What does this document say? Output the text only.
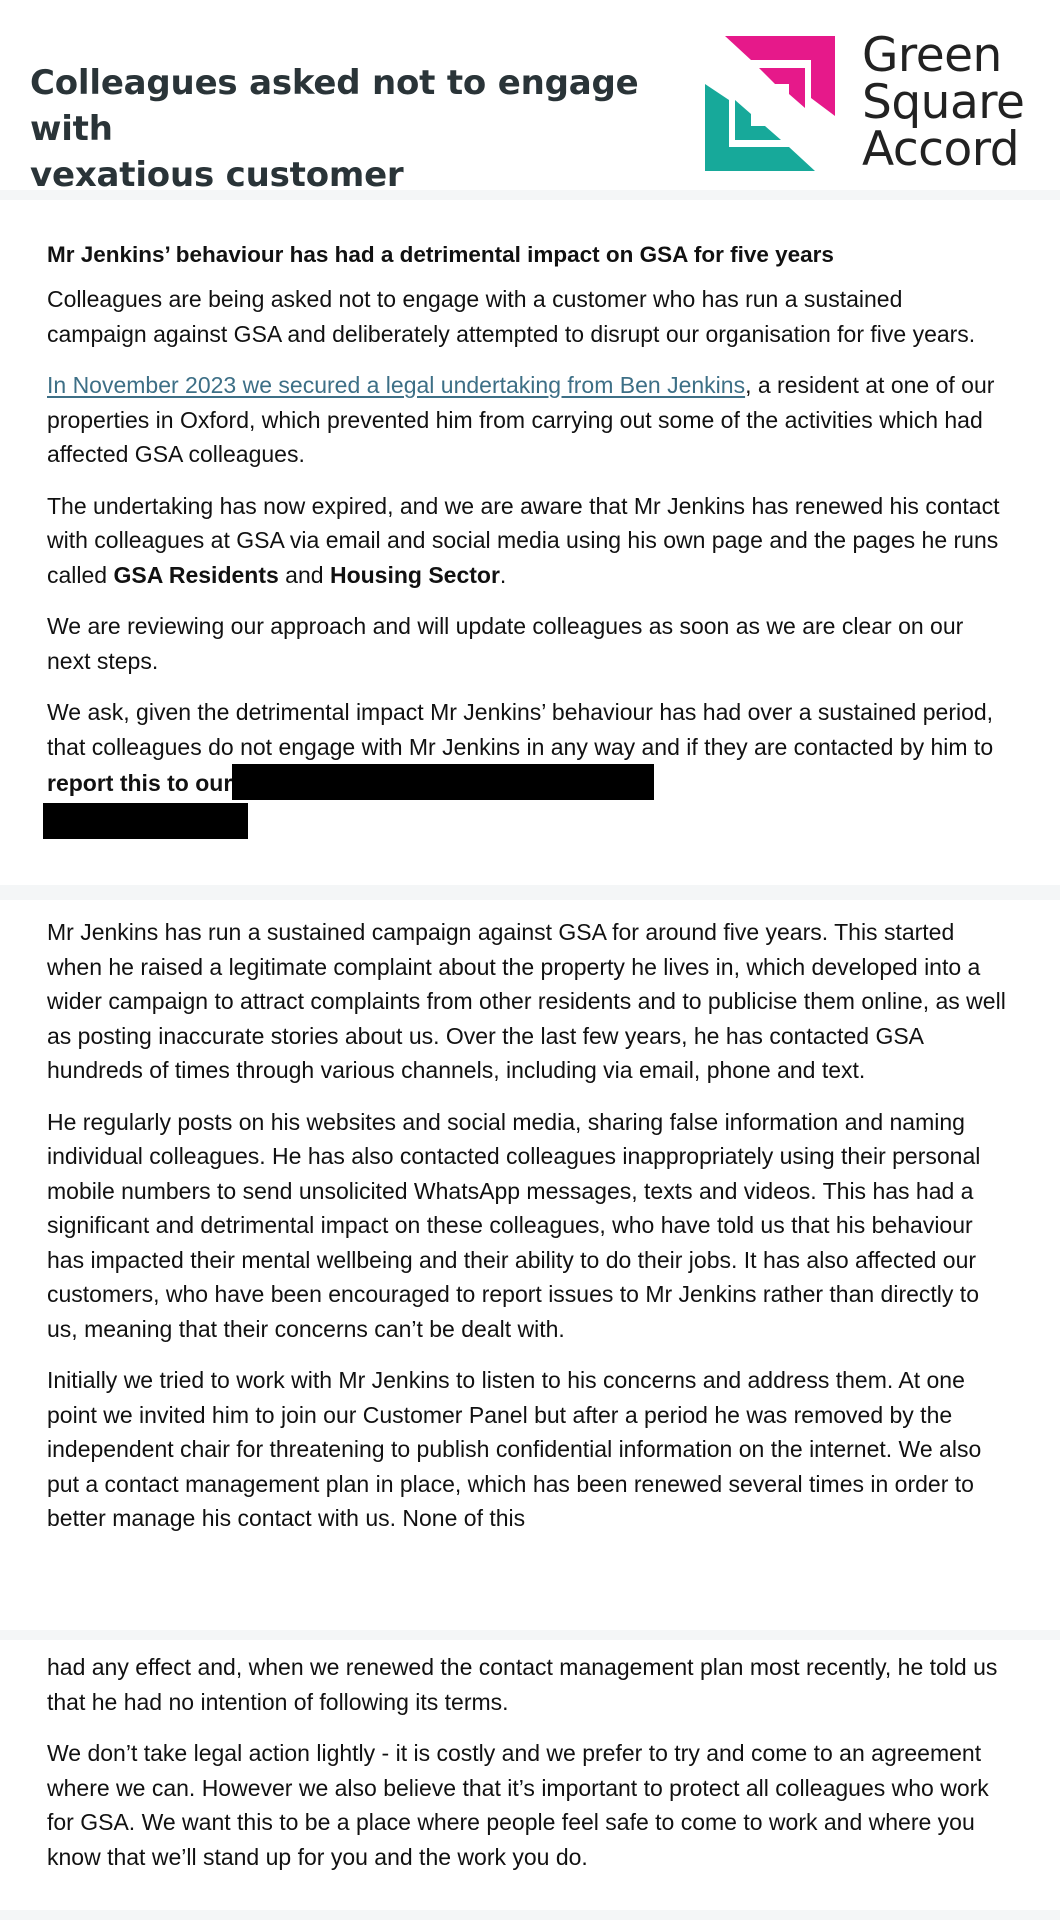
Colleagues asked not to engage with
vexatious customer
Green
Square
Accord

Mr Jenkins’ behaviour has had a detrimental impact on GSA for five years

Colleagues are being asked not to engage with a customer who has run a sustained campaign against GSA and deliberately attempted to disrupt our organisation for five years.

In November 2023 we secured a legal undertaking from Ben Jenkins, a resident at one of our properties in Oxford, which prevented him from carrying out some of the activities which had affected GSA colleagues.

The undertaking has now expired, and we are aware that Mr Jenkins has renewed his contact with colleagues at GSA via email and social media using his own page and the pages he runs called GSA Residents and Housing Sector.

We are reviewing our approach and will update colleagues as soon as we are clear on our next steps.

We ask, given the detrimental impact Mr Jenkins’ behaviour has had over a sustained period, that colleagues do not engage with Mr Jenkins in any way and if they are contacted by him to report this to our

Mr Jenkins has run a sustained campaign against GSA for around five years. This started when he raised a legitimate complaint about the property he lives in, which developed into a wider campaign to attract complaints from other residents and to publicise them online, as well as posting inaccurate stories about us. Over the last few years, he has contacted GSA hundreds of times through various channels, including via email, phone and text.

He regularly posts on his websites and social media, sharing false information and naming individual colleagues. He has also contacted colleagues inappropriately using their personal mobile numbers to send unsolicited WhatsApp messages, texts and videos. This has had a significant and detrimental impact on these colleagues, who have told us that his behaviour has impacted their mental wellbeing and their ability to do their jobs. It has also affected our customers, who have been encouraged to report issues to Mr Jenkins rather than directly to us, meaning that their concerns can’t be dealt with.

Initially we tried to work with Mr Jenkins to listen to his concerns and address them. At one point we invited him to join our Customer Panel but after a period he was removed by the independent chair for threatening to publish confidential information on the internet. We also put a contact management plan in place, which has been renewed several times in order to better manage his contact with us. None of this

had any effect and, when we renewed the contact management plan most recently, he told us that he had no intention of following its terms.

We don’t take legal action lightly - it is costly and we prefer to try and come to an agreement where we can. However we also believe that it’s important to protect all colleagues who work for GSA. We want this to be a place where people feel safe to come to work and where you know that we’ll stand up for you and the work you do.
